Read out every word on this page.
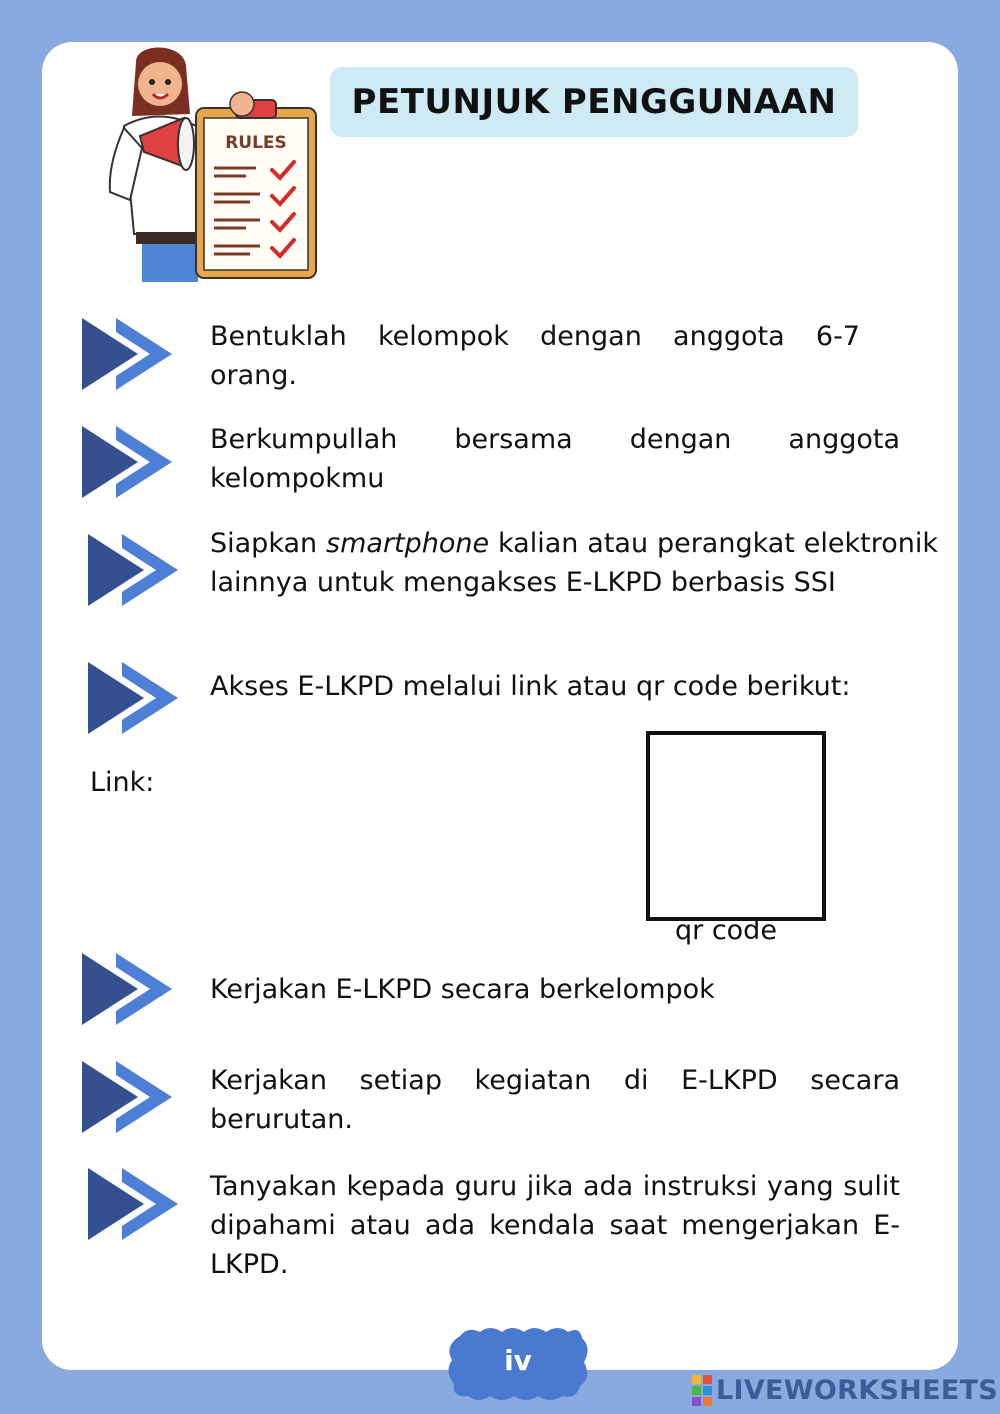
RULES
PETUNJUK PENGGUNAAN
Bentuklah kelompok dengan anggota 6-7 orang.
Berkumpullah bersama dengan anggota kelompokmu
Siapkan smartphone kalian atau perangkat elektronik lainnya untuk mengakses E-LKPD berbasis SSI
Akses E-LKPD melalui link atau qr code berikut:
Link:
qr code
Kerjakan E-LKPD secara berkelompok
Kerjakan setiap kegiatan di E-LKPD secara berurutan.
Tanyakan kepada guru jika ada instruksi yang sulit dipahami atau ada kendala saat mengerjakan E-LKPD.
iv
LIVEWORKSHEETS
